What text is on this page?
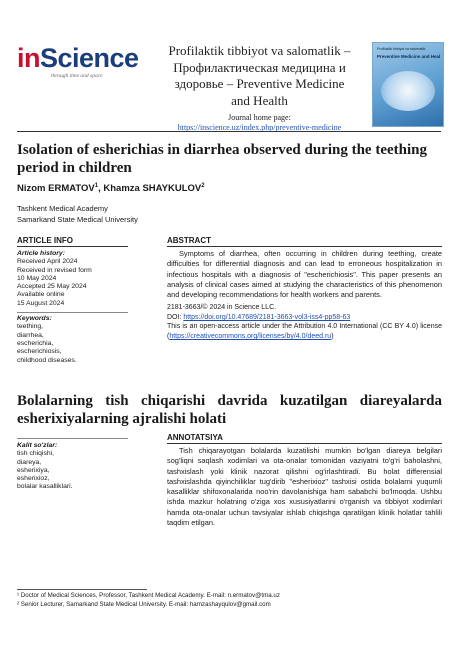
inScience
through time and space
Profilaktik tibbiyot va salomatlik –
Профилактическая медицина и
здоровье – Preventive Medicine
and Health
Journal home page:
https://inscience.uz/index.php/preventive-medicine
Profilaktik tibbiyot va salomatlik
Preventive Medicine and Heal
Isolation of esherichias in diarrhea observed during the teething period in children
Nizom ERMATOV$^1$, Khamza SHAYKULOV$^2$
Tashkent Medical Academy
Samarkand State Medical University
ARTICLE INFO
Article history:
Received April 2024
Received in revised form
10 May 2024
Accepted 25 May 2024
Available online
15 August 2024
Keywords:
teething,
diarrhea,
escherichia,
escherichiosis,
childhood diseases.
ABSTRACT
Symptoms of diarrhea, often occurring in children during teething, create difficulties for differential diagnosis and can lead to erroneous hospitalization in infectious hospitals with a diagnosis of "escherichiosis". This paper presents an analysis of clinical cases aimed at studying the characteristics of this phenomenon and developing recommendations for health workers and parents.
2181-3663/© 2024 in Science LLC.
DOI: https://doi.org/10.47689/2181-3663-vol3-iss4-pp58-63
This is an open-access article under the Attribution 4.0 International (CC BY 4.0) license (https://creativecommons.org/licenses/by/4.0/deed.ru)
Bolalarning tish chiqarishi davrida kuzatilgan diareyalarda esherixiyalarning ajralishi holati
Kalit so'zlar:
tish chiqishi,
diareya,
esherixiya,
esherixioz,
bolalar kasalliklari.
ANNOTATSIYA
Tish chiqarayotgan bolalarda kuzatilishi mumkin bo'lgan diareya belgilari sog'liqni saqlash xodimlari va ota-onalar tomonidan vaziyatni to'g'ri baholashni, tashxislash yoki klinik nazorat qilishni og'irlashtiradi. Bu holat differensial tashxislashda qiyinchiliklar tug'dirib "esherixioz" tashxisi ostida bolalarni yuqumli kasalliklar shifoxonalaridа noo'rin davolanishiga ham sababchi bo'lmoqda. Ushbu ishda mazkur holatning o'ziga xos xususiyatlarini o'rganish va tibbiyot xodimlari hamda ota-onalar uchun tavsiyalar ishlab chiqishga qaratilgan klinik holatlar tahlili taqdim etilgan.
¹ Doctor of Medical Sciences, Professor, Tashkent Medical Academy. E-mail: n.ermatov@tma.uz
² Senior Lecturer, Samarkand State Medical University. E-mail: hamzashayqulov@gmail.com
